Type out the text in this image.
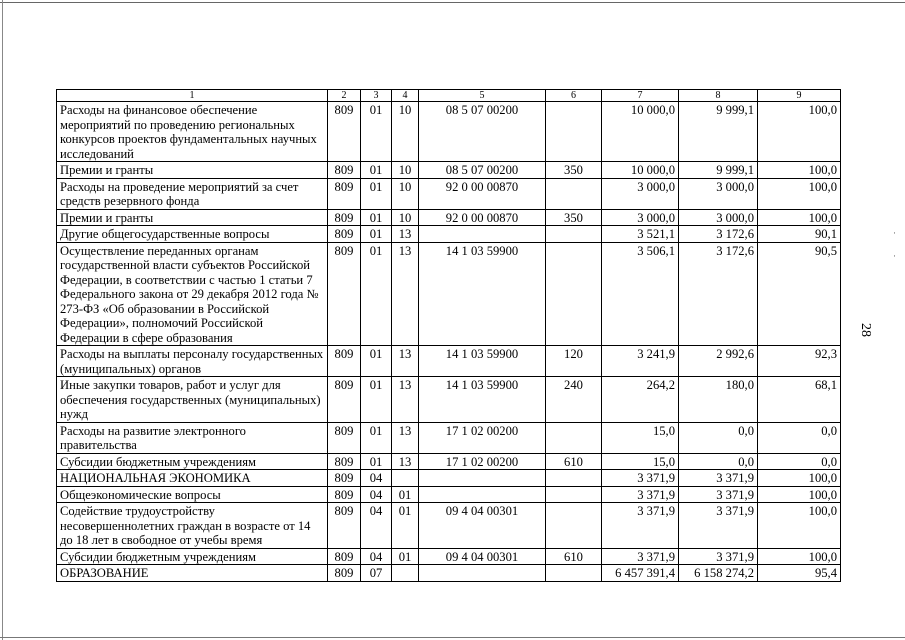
·
·
28
1	2	3	4	5	6	7	8	9
Расходы на финансовое обеспечение мероприятий по проведению региональных конкурсов проектов фундаментальных научных исследований	809	01	10	08 5 07 00200		10 000,0	9 999,1	100,0
Премии и гранты	809	01	10	08 5 07 00200	350	10 000,0	9 999,1	100,0
Расходы на проведение мероприятий за счет средств резервного фонда	809	01	10	92 0 00 00870		3 000,0	3 000,0	100,0
Премии и гранты	809	01	10	92 0 00 00870	350	3 000,0	3 000,0	100,0
Другие общегосударственные вопросы	809	01	13			3 521,1	3 172,6	90,1
Осуществление переданных органам государственной власти субъектов Российской Федерации, в соответствии с частью 1 статьи 7 Федерального закона от 29 декабря 2012 года № 273-ФЗ «Об образовании в Российской Федерации», полномочий Российской Федерации в сфере образования	809	01	13	14 1 03 59900		3 506,1	3 172,6	90,5
Расходы на выплаты персоналу государственных (муниципальных) органов	809	01	13	14 1 03 59900	120	3 241,9	2 992,6	92,3
Иные закупки товаров, работ и услуг для обеспечения государственных (муниципальных) нужд	809	01	13	14 1 03 59900	240	264,2	180,0	68,1
Расходы на развитие электронного правительства	809	01	13	17 1 02 00200		15,0	0,0	0,0
Субсидии бюджетным учреждениям	809	01	13	17 1 02 00200	610	15,0	0,0	0,0
НАЦИОНАЛЬНАЯ ЭКОНОМИКА	809	04				3 371,9	3 371,9	100,0
Общеэкономические вопросы	809	04	01			3 371,9	3 371,9	100,0
Содействие трудоустройству несовершеннолетних граждан в возрасте от 14 до 18 лет в свободное от учебы время	809	04	01	09 4 04 00301		3 371,9	3 371,9	100,0
Субсидии бюджетным учреждениям	809	04	01	09 4 04 00301	610	3 371,9	3 371,9	100,0
ОБРАЗОВАНИЕ	809	07				6 457 391,4	6 158 274,2	95,4
